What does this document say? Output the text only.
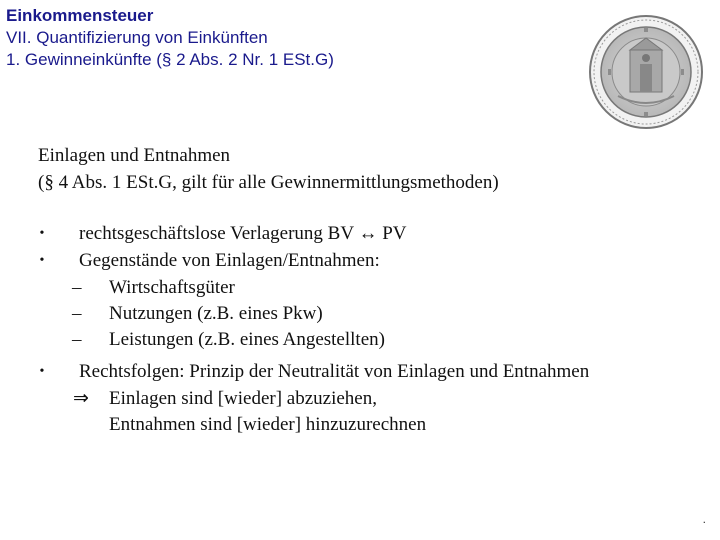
Einkommensteuer
VII. Quantifizierung von Einkünften
1. Gewinneinkünfte (§ 2 Abs. 2 Nr. 1 ESt.G)
Einlagen und Entnahmen
(§ 4 Abs. 1 ESt.G, gilt für alle Gewinnermittlungsmethoden)
• rechtsgeschäftslose Verlagerung BV ↔ PV
• Gegenstände von Einlagen/Entnahmen:
– Wirtschaftsgüter
– Nutzungen (z.B. eines Pkw)
– Leistungen (z.B. eines Angestellten)
• Rechtsfolgen: Prinzip der Neutralität von Einlagen und Entnahmen
⇒ Einlagen sind [wieder] abzuziehen,
Entnahmen sind [wieder] hinzuzurechnen
.
